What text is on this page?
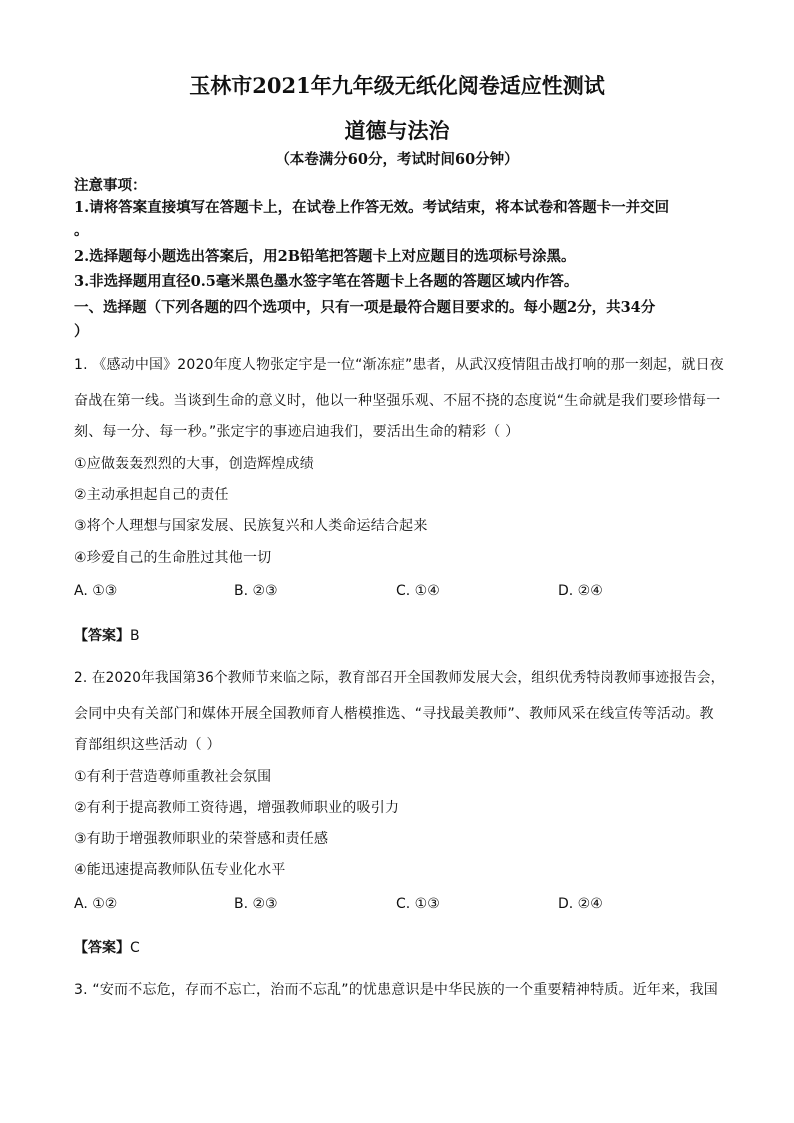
玉林市2021年九年级无纸化阅卷适应性测试
道德与法治
（本卷满分60分，考试时间60分钟）
注意事项：
1.请将答案直接填写在答题卡上，在试卷上作答无效。考试结束，将本试卷和答题卡一并交回
。
2.选择题每小题选出答案后，用2B铅笔把答题卡上对应题目的选项标号涂黑。
3.非选择题用直径0.5毫米黑色墨水签字笔在答题卡上各题的答题区域内作答。
一、选择题（下列各题的四个选项中，只有一项是最符合题目要求的。每小题2分，共34分
）
1. 《感动中国》2020年度人物张定宇是一位“渐冻症”患者，从武汉疫情阻击战打响的那一刻起，就日夜
奋战在第一线。当谈到生命的意义时，他以一种坚强乐观、不屈不挠的态度说“生命就是我们要珍惜每一
刻、每一分、每一秒。”张定宇的事迹启迪我们，要活出生命的精彩（ ）
①应做轰轰烈烈的大事，创造辉煌成绩
②主动承担起自己的责任
③将个人理想与国家发展、民族复兴和人类命运结合起来
④珍爱自己的生命胜过其他一切
A. ①③	B. ②③	C. ①④	D. ②④
【答案】B
2. 在2020年我国第36个教师节来临之际，教育部召开全国教师发展大会，组织优秀特岗教师事迹报告会，
会同中央有关部门和媒体开展全国教师育人楷模推选、“寻找最美教师”、教师风采在线宣传等活动。教
育部组织这些活动（ ）
①有利于营造尊师重教社会氛围
②有利于提高教师工资待遇，增强教师职业的吸引力
③有助于增强教师职业的荣誉感和责任感
④能迅速提高教师队伍专业化水平
A. ①②	B. ②③	C. ①③	D. ②④
【答案】C
3. “安而不忘危，存而不忘亡，治而不忘乱”的忧患意识是中华民族的一个重要精神特质。近年来，我国
